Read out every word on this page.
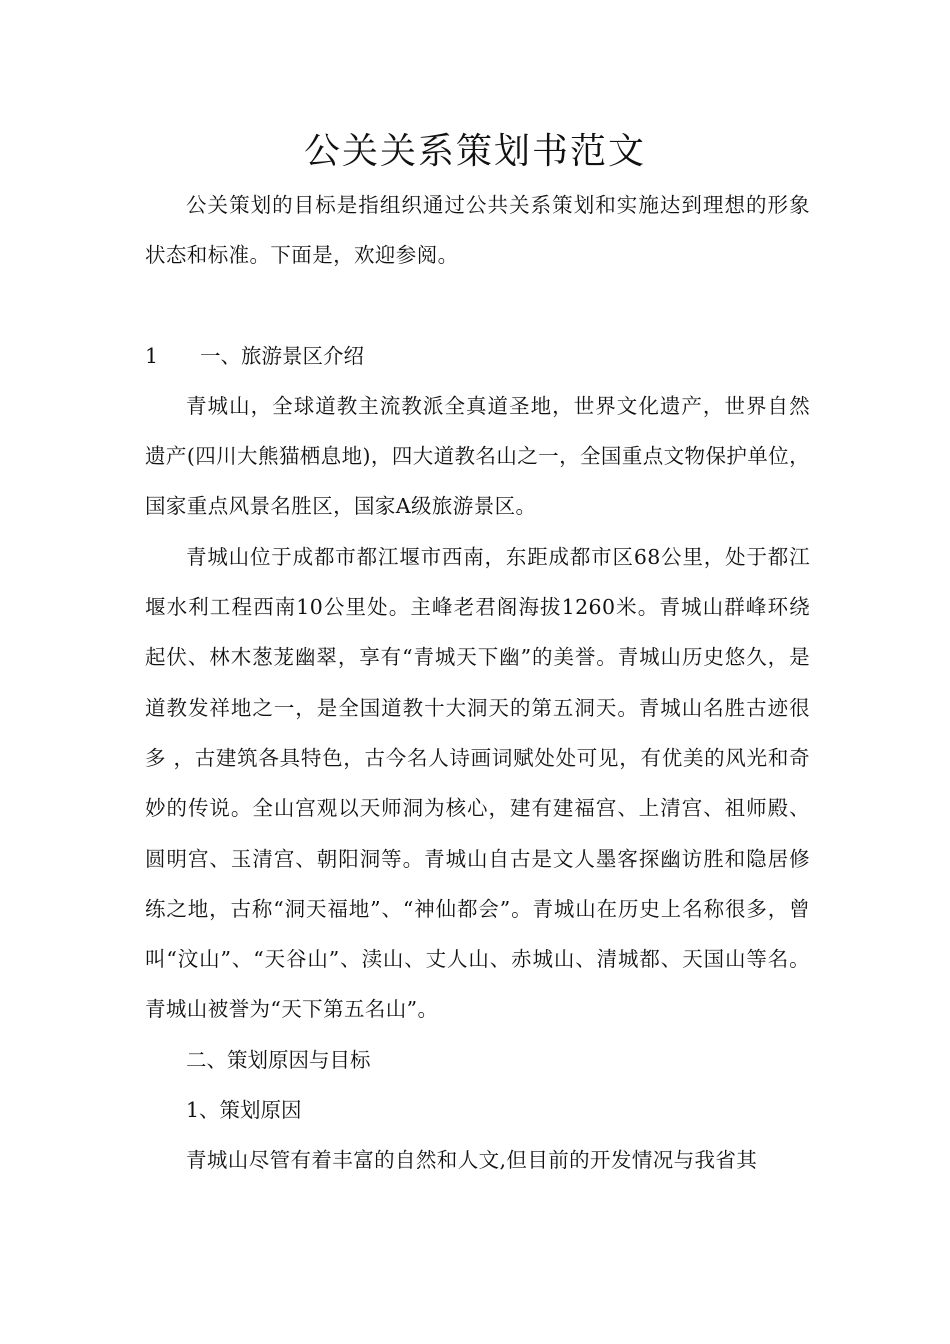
公关关系策划书范文

公关策划的目标是指组织通过公共关系策划和实施达到理想的形象状态和标准。下面是，欢迎参阅。

1	一、旅游景区介绍

青城山，全球道教主流教派全真道圣地，世界文化遗产，世界自然遗产(四川大熊猫栖息地)，四大道教名山之一，全国重点文物保护单位，国家重点风景名胜区，国家A级旅游景区。

青城山位于成都市都江堰市西南，东距成都市区68公里，处于都江堰水利工程西南10公里处。主峰老君阁海拔1260米。青城山群峰环绕起伏、林木葱茏幽翠，享有“青城天下幽”的美誉。青城山历史悠久，是道教发祥地之一，是全国道教十大洞天的第五洞天。青城山名胜古迹很多 ，古建筑各具特色，古今名人诗画词赋处处可见，有优美的风光和奇妙的传说。全山宫观以天师洞为核心，建有建福宫、上清宫、祖师殿、圆明宫、玉清宫、朝阳洞等。青城山自古是文人墨客探幽访胜和隐居修练之地，古称“洞天福地”、“神仙都会”。青城山在历史上名称很多，曾叫“汶山”、“天谷山”、渎山、丈人山、赤城山、清城都、天国山等名。青城山被誉为“天下第五名山”。

二、策划原因与目标

1、策划原因

青城山尽管有着丰富的自然和人文,但目前的开发情况与我省其
